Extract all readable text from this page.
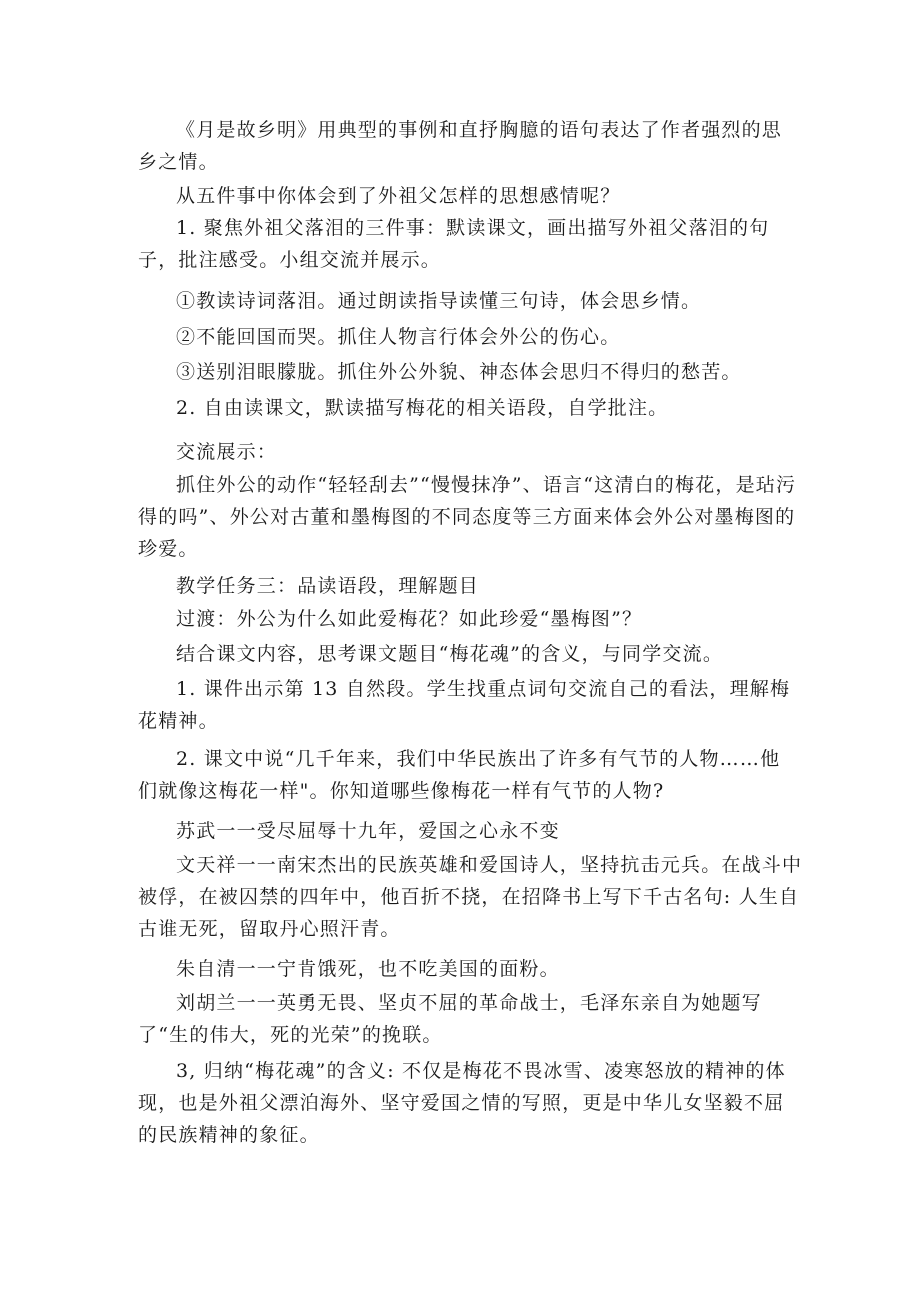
《月是故乡明》用典型的事例和直抒胸臆的语句表达了作者强烈的思乡之情。
从五件事中你体会到了外祖父怎样的思想感情呢？
1. 聚焦外祖父落泪的三件事：默读课文，画出描写外祖父落泪的句子，批注感受。小组交流并展示。
①教读诗词落泪。通过朗读指导读懂三句诗，体会思乡情。
②不能回国而哭。抓住人物言行体会外公的伤心。
③送别泪眼朦胧。抓住外公外貌、神态体会思归不得归的愁苦。
2. 自由读课文，默读描写梅花的相关语段，自学批注。
交流展示：
抓住外公的动作“轻轻刮去”“慢慢抹净”、语言“这清白的梅花，是玷污得的吗”、外公对古董和墨梅图的不同态度等三方面来体会外公对墨梅图的珍爱。
教学任务三：品读语段，理解题目
过渡：外公为什么如此爱梅花？如此珍爱“墨梅图”？
结合课文内容，思考课文题目“梅花魂”的含义，与同学交流。
1. 课件出示第 13 自然段。学生找重点词句交流自己的看法，理解梅花精神。
2. 课文中说“几千年来，我们中华民族出了许多有气节的人物……他们就像这梅花一样"。你知道哪些像梅花一样有气节的人物?
苏武一一受尽屈辱十九年，爱国之心永不变
文天祥一一南宋杰出的民族英雄和爱国诗人，坚持抗击元兵。在战斗中被俘，在被囚禁的四年中，他百折不挠，在招降书上写下千古名句: 人生自古谁无死，留取丹心照汗青。
朱自清一一宁肯饿死，也不吃美国的面粉。
刘胡兰一一英勇无畏、坚贞不屈的革命战士，毛泽东亲自为她题写了“生的伟大，死的光荣”的挽联。
3, 归纳“梅花魂”的含义: 不仅是梅花不畏冰雪、凌寒怒放的精神的体现，也是外祖父漂泊海外、坚守爱国之情的写照，更是中华儿女坚毅不屈的民族精神的象征。
